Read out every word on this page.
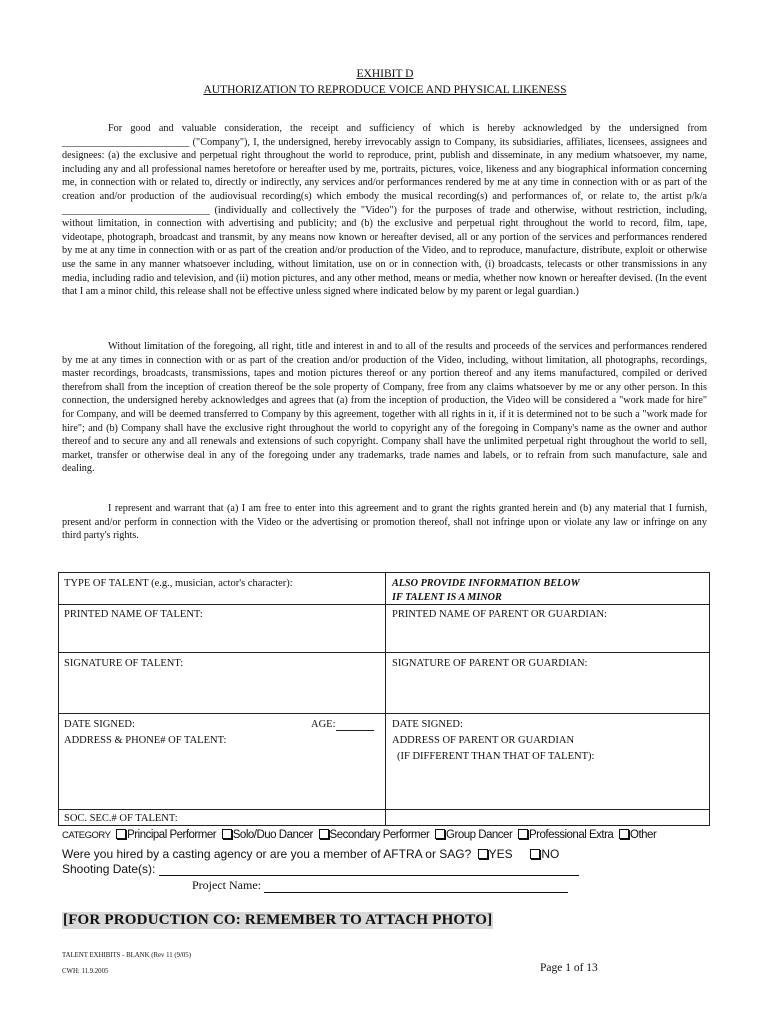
EXHIBIT D
AUTHORIZATION TO REPRODUCE VOICE AND PHYSICAL LIKENESS

For good and valuable consideration, the receipt and sufficiency of which is hereby acknowledged by the undersigned from _________________________ ("Company"), I, the undersigned, hereby irrevocably assign to Company, its subsidiaries, affiliates, licensees, assignees and designees: (a) the exclusive and perpetual right throughout the world to reproduce, print, publish and disseminate, in any medium whatsoever, my name, including any and all professional names heretofore or hereafter used by me, portraits, pictures, voice, likeness and any biographical information concerning me, in connection with or related to, directly or indirectly, any services and/or performances rendered by me at any time in connection with or as part of the creation and/or production of the audiovisual recording(s) which embody the musical recording(s) and performances of, or relate to, the artist p/k/a _____________________________ (individually and collectively the "Video") for the purposes of trade and otherwise, without restriction, including, without limitation, in connection with advertising and publicity; and (b) the exclusive and perpetual right throughout the world to record, film, tape, videotape, photograph, broadcast and transmit, by any means now known or hereafter devised, all or any portion of the services and performances rendered by me at any time in connection with or as part of the creation and/or production of the Video, and to reproduce, manufacture, distribute, exploit or otherwise use the same in any manner whatsoever including, without limitation, use on or in connection with, (i) broadcasts, telecasts or other transmissions in any media, including radio and television, and (ii) motion pictures, and any other method, means or media, whether now known or hereafter devised. (In the event that I am a minor child, this release shall not be effective unless signed where indicated below by my parent or legal guardian.)

Without limitation of the foregoing, all right, title and interest in and to all of the results and proceeds of the services and performances rendered by me at any times in connection with or as part of the creation and/or production of the Video, including, without limitation, all photographs, recordings, master recordings, broadcasts, transmissions, tapes and motion pictures thereof or any portion thereof and any items manufactured, compiled or derived therefrom shall from the inception of creation thereof be the sole property of Company, free from any claims whatsoever by me or any other person. In this connection, the undersigned hereby acknowledges and agrees that (a) from the inception of production, the Video will be considered a "work made for hire" for Company, and will be deemed transferred to Company by this agreement, together with all rights in it, if it is determined not to be such a "work made for hire"; and (b) Company shall have the exclusive right throughout the world to copyright any of the foregoing in Company's name as the owner and author thereof and to secure any and all renewals and extensions of such copyright. Company shall have the unlimited perpetual right throughout the world to sell, market, transfer or otherwise deal in any of the foregoing under any trademarks, trade names and labels, or to refrain from such manufacture, sale and dealing.

I represent and warrant that (a) I am free to enter into this agreement and to grant the rights granted herein and (b) any material that I furnish, present and/or perform in connection with the Video or the advertising or promotion thereof, shall not infringe upon or violate any law or infringe on any third party's rights.

TYPE OF TALENT (e.g., musician, actor's character):	ALSO PROVIDE INFORMATION BELOW
IF TALENT IS A MINOR
PRINTED NAME OF TALENT:	PRINTED NAME OF PARENT OR GUARDIAN:
SIGNATURE OF TALENT:	SIGNATURE OF PARENT OR GUARDIAN:
DATE SIGNED:	AGE:	DATE SIGNED:
ADDRESS & PHONE# OF TALENT:	ADDRESS OF PARENT OR GUARDIAN
(IF DIFFERENT THAN THAT OF TALENT):
SOC. SEC.# OF TALENT:
CATEGORY Principal Performer Solo/Duo Dancer Secondary Performer Group Dancer Professional Extra Other
Were you hired by a casting agency or are you a member of AFTRA or SAG? YES NO
Shooting Date(s):
Project Name:
[FOR PRODUCTION CO: REMEMBER TO ATTACH PHOTO]
TALENT EXHIBITS - BLANK (Rev 11 (9/05)
CWH: 11.9.2005	Page 1 of 13
